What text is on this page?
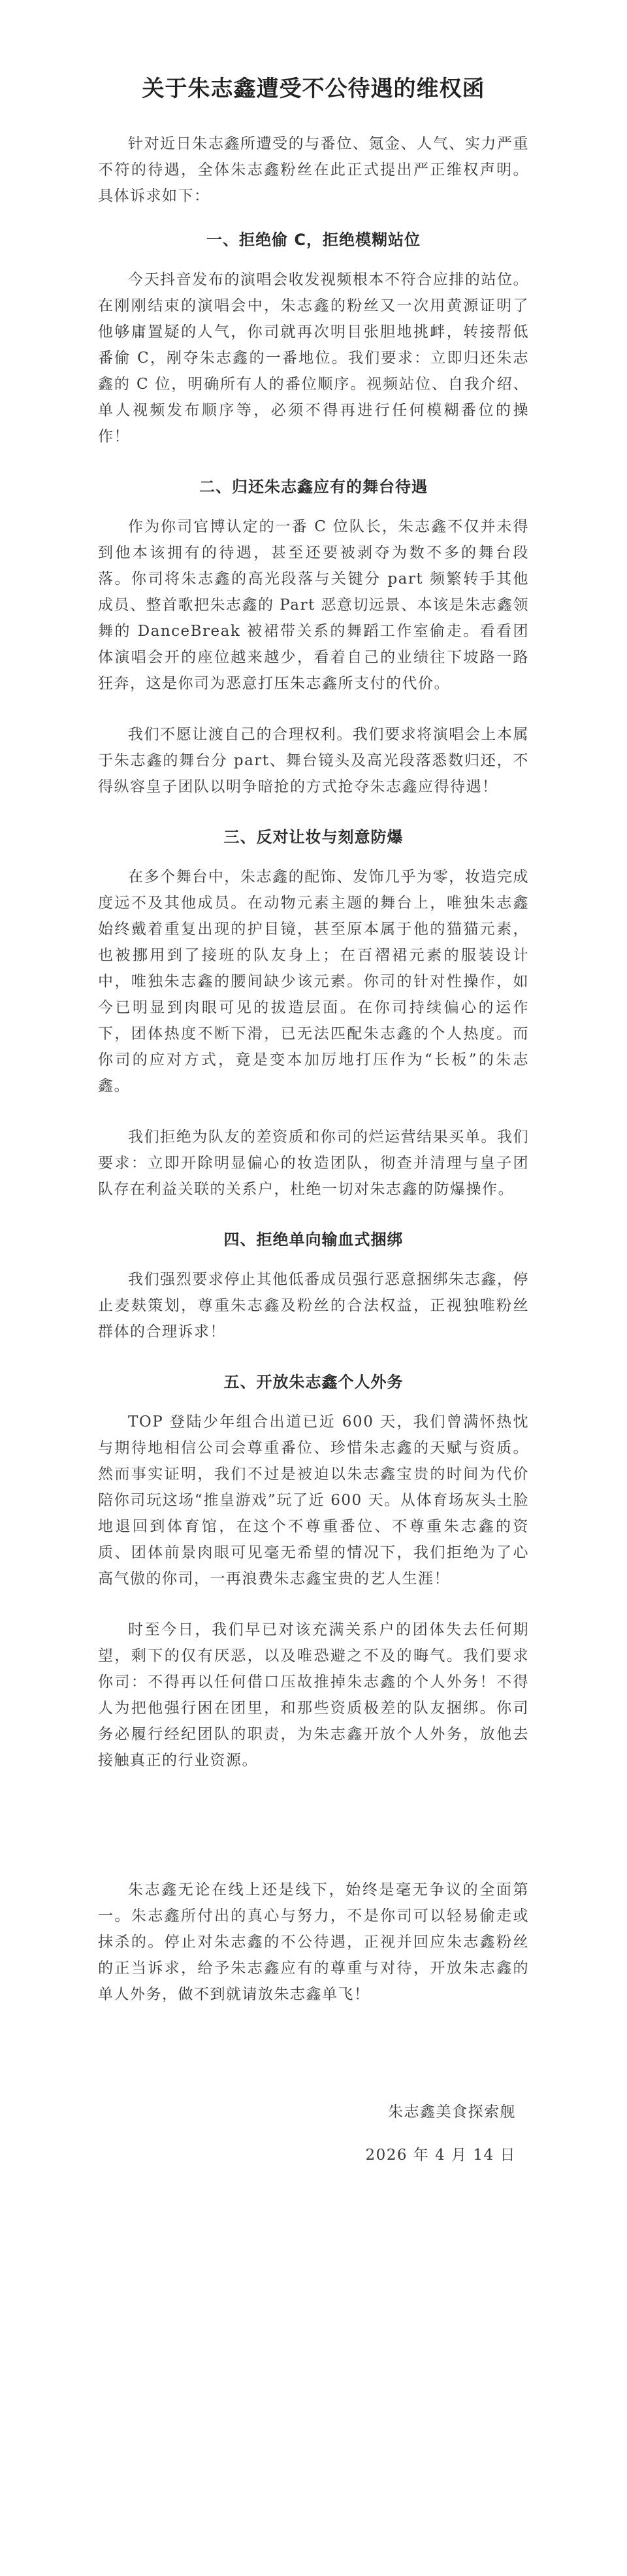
关于朱志鑫遭受不公待遇的维权函

针对近日朱志鑫所遭受的与番位、氪金、人气、实力严重不符的待遇，全体朱志鑫粉丝在此正式提出严正维权声明。具体诉求如下：

一、拒绝偷 C，拒绝模糊站位

今天抖音发布的演唱会收发视频根本不符合应排的站位。在刚刚结束的演唱会中，朱志鑫的粉丝又一次用黄源证明了他够庸置疑的人气，你司就再次明目张胆地挑衅，转接帮低番偷 C，剐夺朱志鑫的一番地位。我们要求：立即归还朱志鑫的 C 位，明确所有人的番位顺序。视频站位、自我介绍、单人视频发布顺序等，必须不得再进行任何模糊番位的操作！

二、归还朱志鑫应有的舞台待遇

作为你司官博认定的一番 C 位队长，朱志鑫不仅并未得到他本该拥有的待遇，甚至还要被剥夺为数不多的舞台段落。你司将朱志鑫的高光段落与关键分 part 频繁转手其他成员、整首歌把朱志鑫的 Part 恶意切远景、本该是朱志鑫领舞的 DanceBreak 被裙带关系的舞蹈工作室偷走。看看团体演唱会开的座位越来越少，看着自己的业绩往下坡路一路狂奔，这是你司为恶意打压朱志鑫所支付的代价。

我们不愿让渡自己的合理权利。我们要求将演唱会上本属于朱志鑫的舞台分 part、舞台镜头及高光段落悉数归还，不得纵容皇子团队以明争暗抢的方式抢夺朱志鑫应得待遇！

三、反对让妆与刻意防爆

在多个舞台中，朱志鑫的配饰、发饰几乎为零，妆造完成度远不及其他成员。在动物元素主题的舞台上，唯独朱志鑫始终戴着重复出现的护目镜，甚至原本属于他的猫猫元素，也被挪用到了接班的队友身上；在百褶裙元素的服装设计中，唯独朱志鑫的腰间缺少该元素。你司的针对性操作，如今已明显到肉眼可见的拔造层面。在你司持续偏心的运作下，团体热度不断下滑，已无法匹配朱志鑫的个人热度。而你司的应对方式，竟是变本加厉地打压作为“长板”的朱志鑫。

我们拒绝为队友的差资质和你司的烂运营结果买单。我们要求：立即开除明显偏心的妆造团队，彻查并清理与皇子团队存在利益关联的关系户，杜绝一切对朱志鑫的防爆操作。

四、拒绝单向输血式捆绑

我们强烈要求停止其他低番成员强行恶意捆绑朱志鑫，停止麦麸策划，尊重朱志鑫及粉丝的合法权益，正视独唯粉丝群体的合理诉求！

五、开放朱志鑫个人外务

TOP 登陆少年组合出道已近 600 天，我们曾满怀热忱与期待地相信公司会尊重番位、珍惜朱志鑫的天赋与资质。然而事实证明，我们不过是被迫以朱志鑫宝贵的时间为代价陪你司玩这场“推皇游戏”玩了近 600 天。从体育场灰头土脸地退回到体育馆，在这个不尊重番位、不尊重朱志鑫的资质、团体前景肉眼可见毫无希望的情况下，我们拒绝为了心高气傲的你司，一再浪费朱志鑫宝贵的艺人生涯！

时至今日，我们早已对该充满关系户的团体失去任何期望，剩下的仅有厌恶，以及唯恐避之不及的晦气。我们要求你司：不得再以任何借口压故推掉朱志鑫的个人外务！不得人为把他强行困在团里，和那些资质极差的队友捆绑。你司务必履行经纪团队的职责，为朱志鑫开放个人外务，放他去接触真正的行业资源。

朱志鑫无论在线上还是线下，始终是毫无争议的全面第一。朱志鑫所付出的真心与努力，不是你司可以轻易偷走或抹杀的。停止对朱志鑫的不公待遇，正视并回应朱志鑫粉丝的正当诉求，给予朱志鑫应有的尊重与对待，开放朱志鑫的单人外务，做不到就请放朱志鑫单飞！

朱志鑫美食探索舰
2026 年 4 月 14 日
